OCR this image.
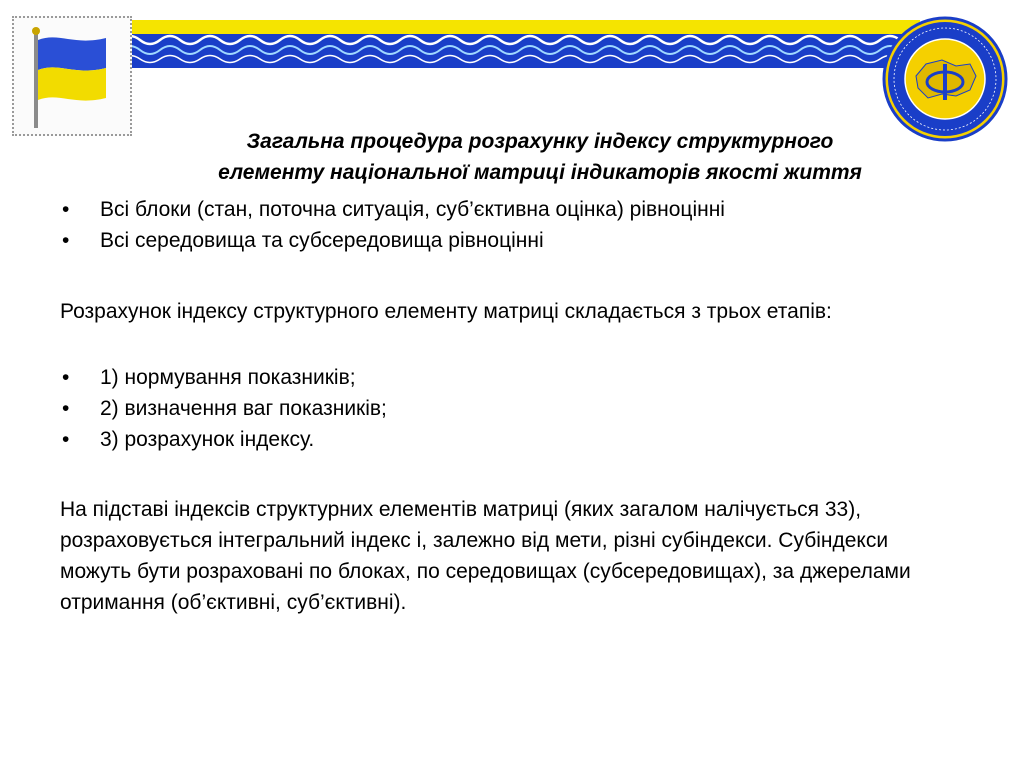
Загальна процедура розрахунку індексу структурного
елементу національної матриці індикаторів якості життя
• Всі блоки (стан, поточна ситуація, суб’єктивна оцінка) рівноцінні
• Всі середовища та субсередовища рівноцінні

Розрахунок індексу структурного елементу матриці складається з трьох етапів:

• 1) нормування показників;
• 2) визначення ваг показників;
• 3) розрахунок індексу.

На підставі індексів структурних елементів матриці (яких загалом налічується 33), розраховується інтегральний індекс і, залежно від мети, різні субіндекси. Субіндекси можуть бути розраховані по блоках, по середовищах (субсередовищах), за джерелами отримання (об’єктивні, суб’єктивні).
